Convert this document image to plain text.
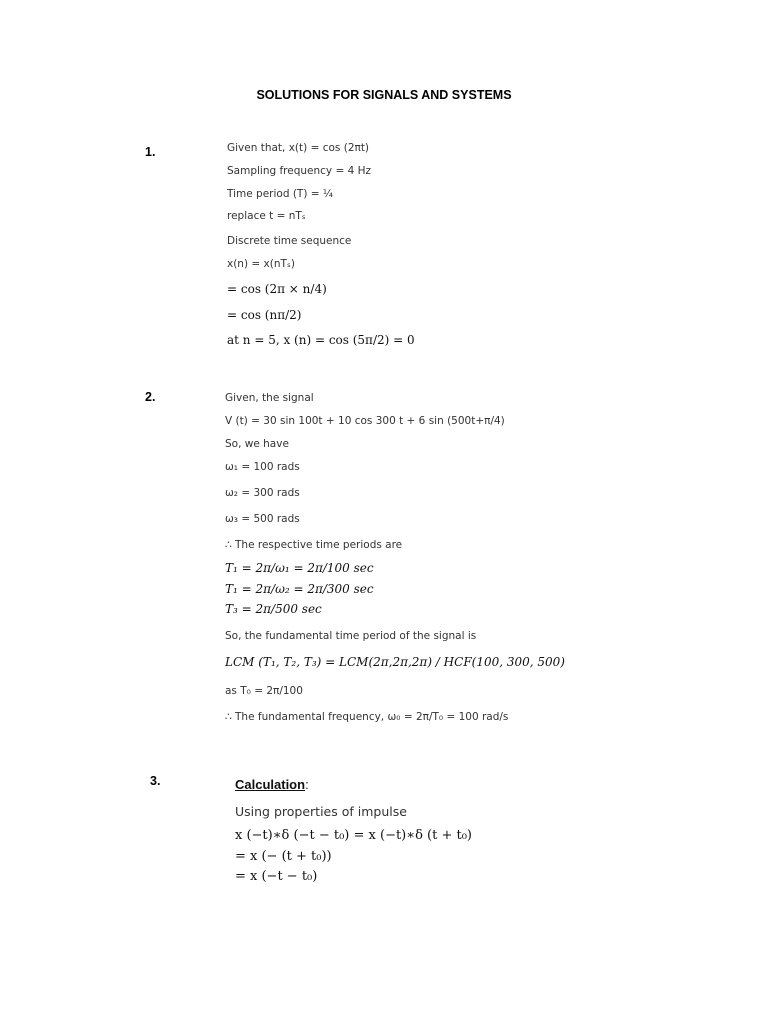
SOLUTIONS FOR SIGNALS AND SYSTEMS
1.	Given that, x(t) = cos (2πt)
Sampling frequency = 4 Hz
Time period (T) = ¼
replace t = nTₛ
Discrete time sequence
x(n) = x(nTₛ)
= cos (2π × n/4)
= cos (nπ/2)
at n = 5, x (n) = cos (5π/2) = 0
2.	Given, the signal
V (t) = 30 sin 100t + 10 cos 300 t + 6 sin (500t+π/4)
So, we have
ω₁ = 100 rads
ω₂ = 300 rads
ω₃ = 500 rads
∴ The respective time periods are
T₁ = 2π/ω₁ = 2π/100 sec
T₁ = 2π/ω₂ = 2π/300 sec
T₃ = 2π/500 sec
So, the fundamental time period of the signal is
LCM (T₁, T₂, T₃) = LCM(2π,2π,2π) / HCF(100, 300, 500)
as T₀ = 2π/100
∴ The fundamental frequency, ω₀ = 2π/T₀ = 100 rad/s
3.	Calculation:
Using properties of impulse
x (−t)∗δ (−t − t₀) = x (−t)∗δ (t + t₀)
= x (− (t + t₀))
= x (−t − t₀)
